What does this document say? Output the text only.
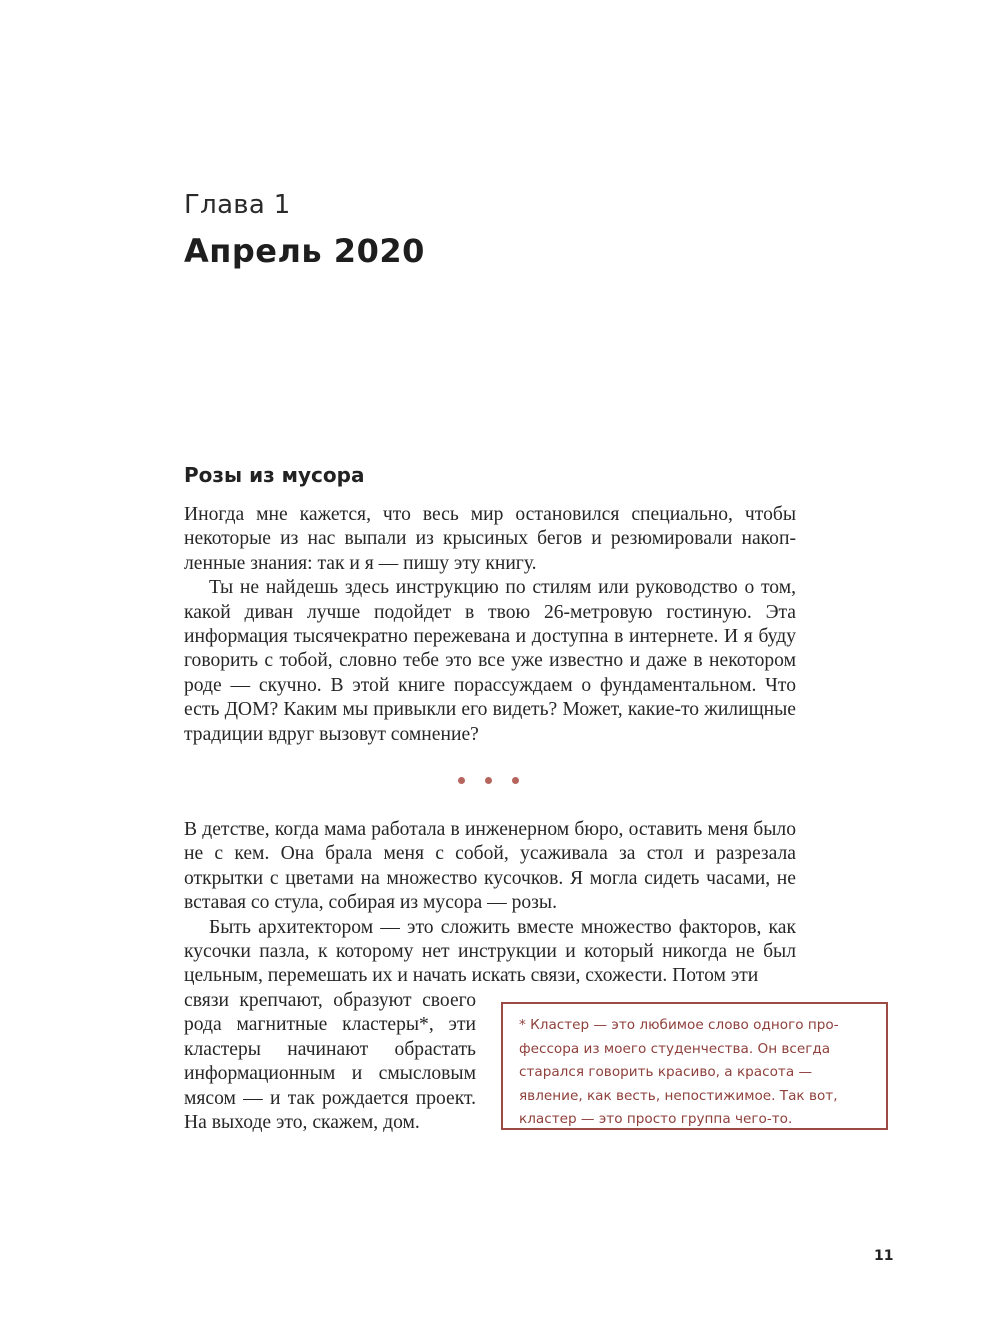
Глава 1
Апрель 2020
Розы из мусора

Иногда мне кажется, что весь мир остановился специально, чтобы некоторые из нас выпали из крысиных бегов и резюмировали накопленные знания: так и я — пишу эту книгу.

Ты не найдешь здесь инструкцию по стилям или руководство о том, какой диван лучше подойдет в твою 26-метровую гостиную. Эта информация тысячекратно пережевана и доступна в интернете. И я буду говорить с тобой, словно тебе это все уже известно и даже в некотором роде — скучно. В этой книге порассуждаем о фундаментальном. Что есть ДОМ? Каким мы привыкли его видеть? Может, какие-то жилищные традиции вдруг вызовут сомнение?

В детстве, когда мама работала в инженерном бюро, оставить меня было не с кем. Она брала меня с собой, усаживала за стол и разрезала открытки с цветами на множество кусочков. Я могла сидеть часами, не вставая со стула, собирая из мусора — розы.

Быть архитектором — это сложить вместе множество факторов, как кусочки пазла, к которому нет инструкции и который никогда не был цельным, перемешать их и начать искать связи, схожести. Потом эти

связи крепчают, образуют своего рода магнитные кластеры*, эти кластеры начинают обрастать информационным и смысловым мясом — и так рождается проект. На выходе это, скажем, дом.

* Кластер — это любимое слово одного профессора из моего студенчества. Он всегда старался говорить красиво, а красота — явление, как весть, непостижимое. Так вот, кластер — это просто группа чего-то.

11
